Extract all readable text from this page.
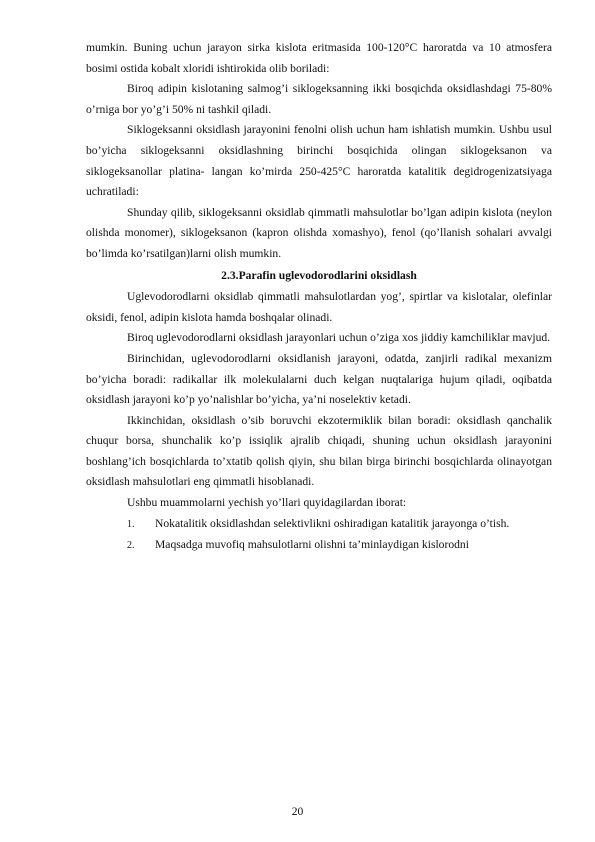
mumkin. Buning uchun jarayon sirka kislota eritmasida 100-120°C haroratda va 10 atmosfera bosimi ostida kobalt xloridi ishtirokida olib boriladi:

Biroq adipin kislotaning salmog’i siklogeksanning ikki bosqichda oksidlashdagi 75-80% o’rniga bor yo’g’i 50% ni tashkil qiladi.

Siklogeksanni oksidlash jarayonini fenolni olish uchun ham ishlatish mumkin. Ushbu usul bo’yicha siklogeksanni oksidlashning birinchi bosqichida olingan siklogeksanon va siklogeksanollar platina- langan ko’mirda 250-425°C haroratda katalitik degidrogenizatsiyaga uchratiladi:

Shunday qilib, siklogeksanni oksidlab qimmatli mahsulotlar bo’lgan adipin kislota (neylon olishda monomer), siklogeksanon (kapron olishda xomashyo), fenol (qo’llanish sohalari avvalgi bo’limda ko’rsatilgan)larni olish mumkin.

2.3.Parafin uglevodorodlarini oksidlash

Uglevodorodlarni oksidlab qimmatli mahsulotlardan yog’, spirtlar va kislotalar, olefinlar oksidi, fenol, adipin kislota hamda boshqalar olinadi.

Biroq uglevodorodlarni oksidlash jarayonlari uchun o’ziga xos jiddiy kamchiliklar mavjud.

Birinchidan, uglevodorodlarni oksidlanish jarayoni, odatda, zanjirli radikal mexanizm bo’yicha boradi: radikallar ilk molekulalarni duch kelgan nuqtalariga hujum qiladi, oqibatda oksidlash jarayoni ko’p yo’nalishlar bo’yicha, ya’ni noselektiv ketadi.

Ikkinchidan, oksidlash o’sib boruvchi ekzotermiklik bilan boradi: oksidlash qanchalik chuqur borsa, shunchalik ko’p issiqlik ajralib chiqadi, shuning uchun oksidlash jarayonini boshlang’ich bosqichlarda to’xtatib qolish qiyin, shu bilan birga birinchi bosqichlarda olinayotgan oksidlash mahsulotlari eng qimmatli hisoblanadi.

Ushbu muammolarni yechish yo’llari quyidagilardan iborat:

1. Nokatalitik oksidlashdan selektivlikni oshiradigan katalitik jarayonga o’tish.

2. Maqsadga muvofiq mahsulotlarni olishni ta’minlaydigan kislorodni

20
